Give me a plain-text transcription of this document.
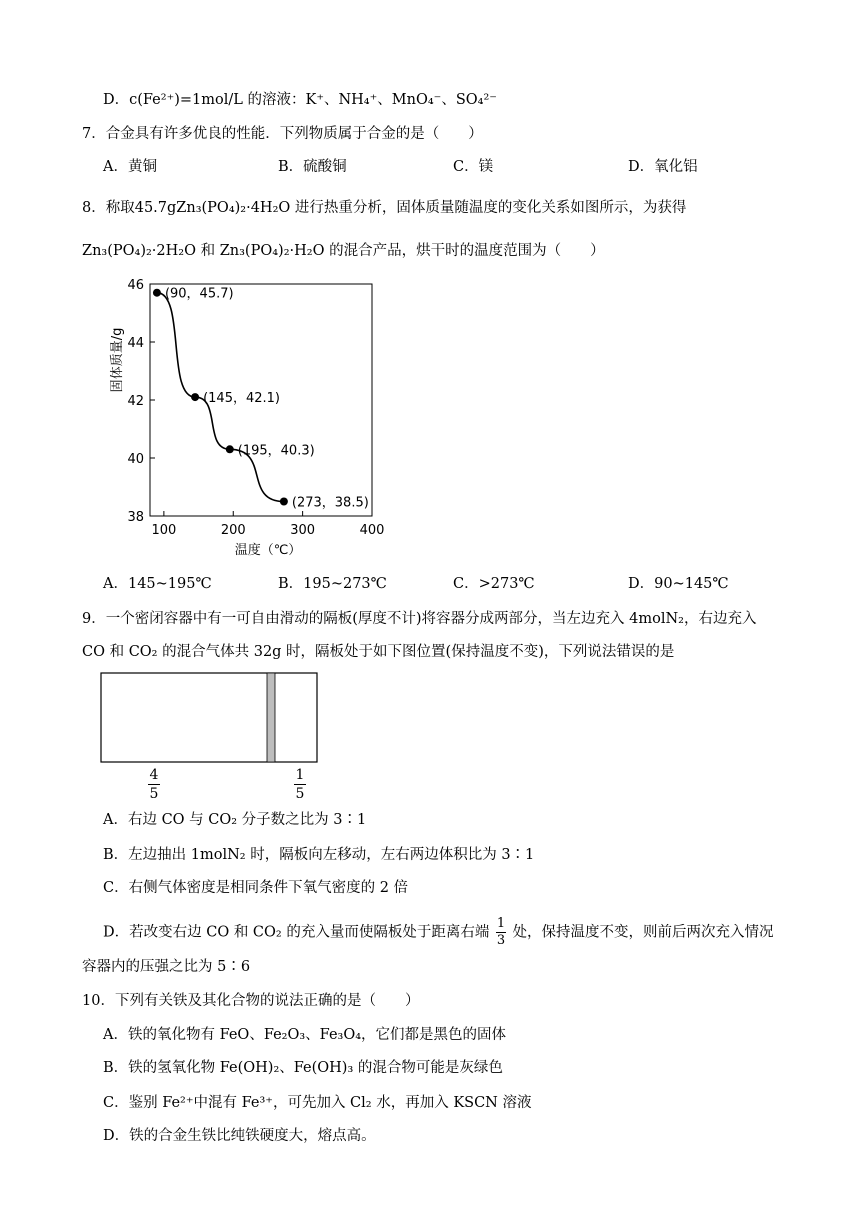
D．c(Fe²⁺)=1mol/L 的溶液：K⁺、NH₄⁺、MnO₄⁻、SO₄²⁻
7．合金具有许多优良的性能．下列物质属于合金的是（　　）
A．黄铜	B．硫酸铜	C．镁	D．氧化铝
8．称取45.7gZn₃(PO₄)₂·4H₂O 进行热重分析，固体质量随温度的变化关系如图所示，为获得
Zn₃(PO₄)₂·2H₂O 和 Zn₃(PO₄)₂·H₂O 的混合产品，烘干时的温度范围为（　　）
38
40
42
44
46
100	200	300	400
(90，45.7)
(145，42.1)
(195，40.3)
(273，38.5)
固体质量/g
温度（℃）
A．145~195℃	B．195~273℃	C．>273℃	D．90~145℃
9．一个密闭容器中有一可自由滑动的隔板(厚度不计)将容器分成两部分，当左边充入 4molN₂，右边充入
CO 和 CO₂ 的混合气体共 32g 时，隔板处于如下图位置(保持温度不变)，下列说法错误的是
4
5
1
5
A．右边 CO 与 CO₂ 分子数之比为 3∶1
B．左边抽出 1molN₂ 时，隔板向左移动，左右两边体积比为 3∶1
C．右侧气体密度是相同条件下氧气密度的 2 倍
D．若改变右边 CO 和 CO₂ 的充入量而使隔板处于距离右端 $\frac{1}{3}$ 处，保持温度不变，则前后两次充入情况
容器内的压强之比为 5∶6
10．下列有关铁及其化合物的说法正确的是（　　）
A．铁的氧化物有 FeO、Fe₂O₃、Fe₃O₄，它们都是黑色的固体
B．铁的氢氧化物 Fe(OH)₂、Fe(OH)₃ 的混合物可能是灰绿色
C．鉴别 Fe²⁺中混有 Fe³⁺，可先加入 Cl₂ 水，再加入 KSCN 溶液
D．铁的合金生铁比纯铁硬度大，熔点高。
